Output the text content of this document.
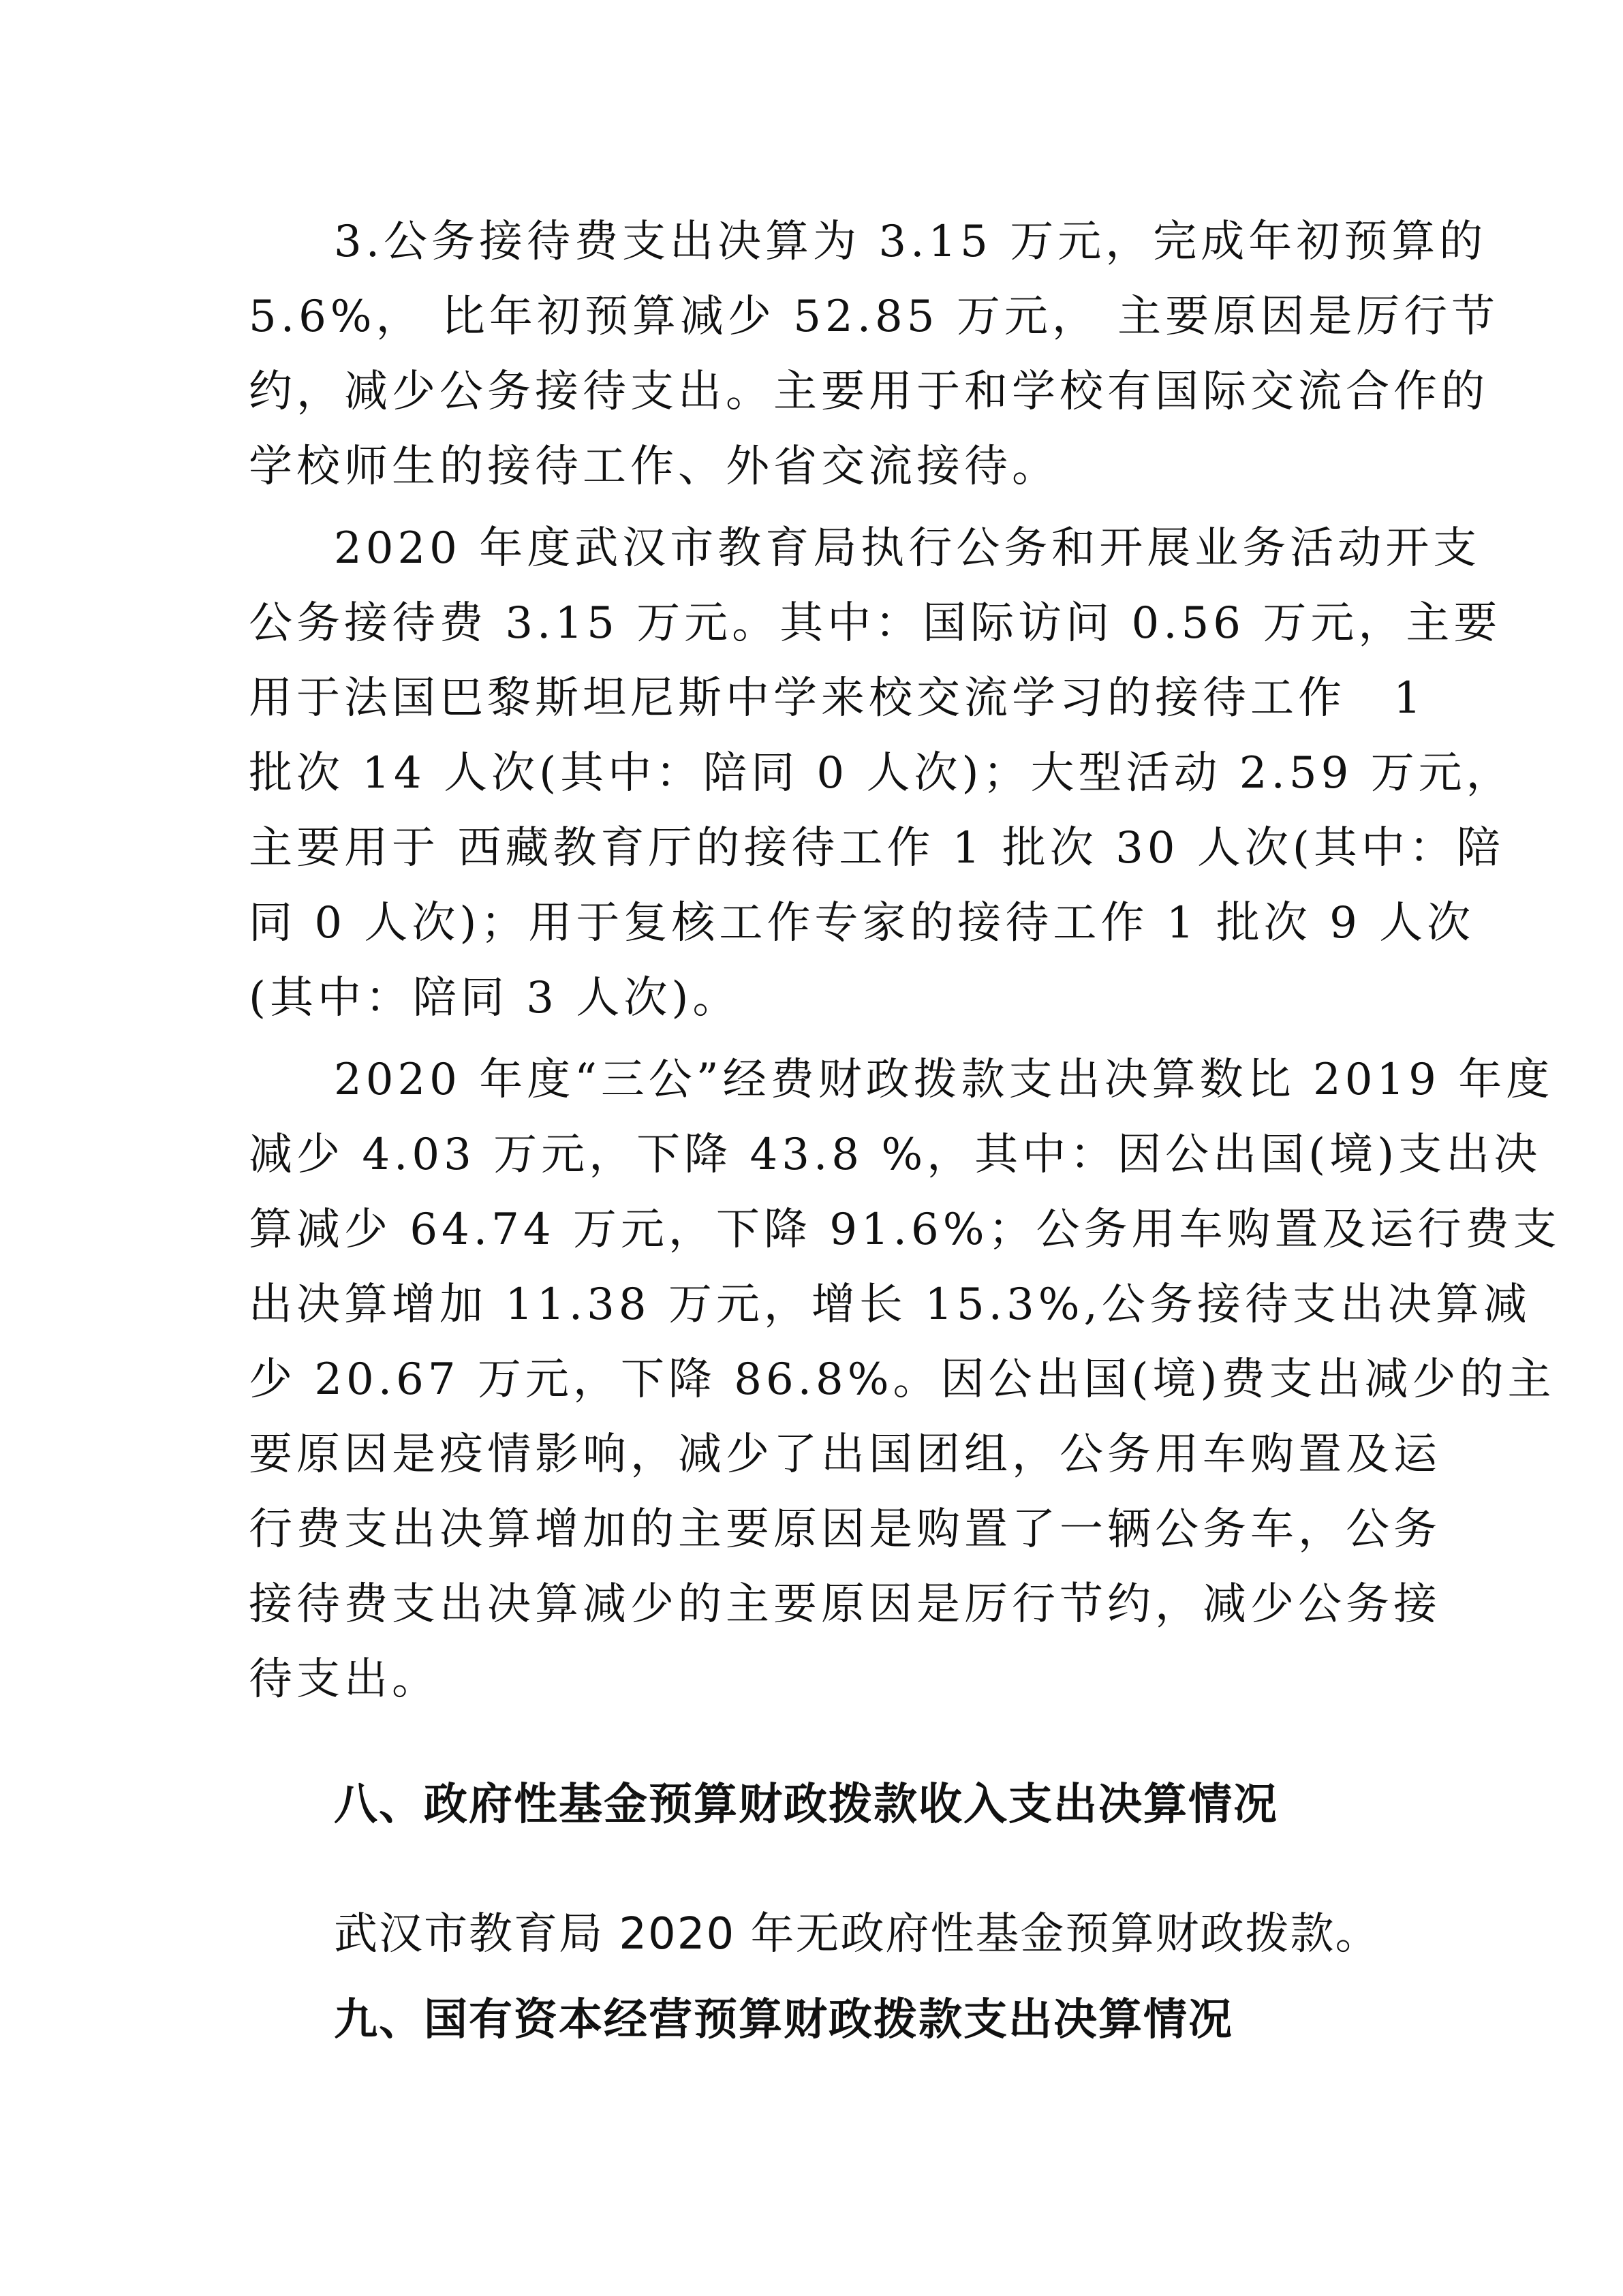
3.公务接待费支出决算为 3.15 万元，完成年初预算的
5.6%， 比年初预算减少 52.85 万元， 主要原因是厉行节
约，减少公务接待支出。主要用于和学校有国际交流合作的
学校师生的接待工作、外省交流接待。
2020 年度武汉市教育局执行公务和开展业务活动开支
公务接待费 3.15 万元。其中：国际访问 0.56 万元，主要
用于法国巴黎斯坦尼斯中学来校交流学习的接待工作　1
批次 14 人次(其中：陪同 0 人次)；大型活动 2.59 万元，
主要用于 西藏教育厅的接待工作 1 批次 30 人次(其中：陪
同 0 人次)；用于复核工作专家的接待工作 1 批次 9 人次
(其中：陪同 3 人次)。
2020 年度“三公”经费财政拨款支出决算数比 2019 年度
减少 4.03 万元，下降 43.8 %，其中：因公出国(境)支出决
算减少 64.74 万元，下降 91.6%；公务用车购置及运行费支
出决算增加 11.38 万元，增长 15.3%,公务接待支出决算减
少 20.67 万元，下降 86.8%。因公出国(境)费支出减少的主
要原因是疫情影响，减少了出国团组，公务用车购置及运
行费支出决算增加的主要原因是购置了一辆公务车，公务
接待费支出决算减少的主要原因是厉行节约，减少公务接
待支出。
八、政府性基金预算财政拨款收入支出决算情况
武汉市教育局 2020 年无政府性基金预算财政拨款。
九、国有资本经营预算财政拨款支出决算情况
